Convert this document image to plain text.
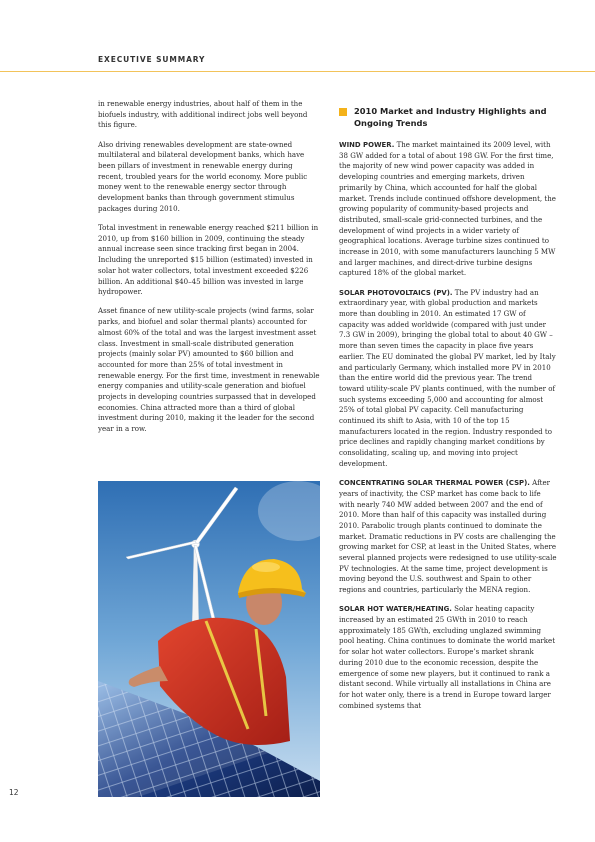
EXECUTIVE SUMMARY

in renewable energy industries, about half of them in the biofuels industry, with additional indirect jobs well beyond this figure.

Also driving renewables development are state-owned multilateral and bilateral development banks, which have been pillars of investment in renewable energy during recent, troubled years for the world economy. More public money went to the renewable energy sector through development banks than through government stimulus packages during 2010.

Total investment in renewable energy reached $211 billion in 2010, up from $160 billion in 2009, continuing the steady annual increase seen since tracking first began in 2004. Including the unreported $15 billion (estimated) invested in solar hot water collectors, total investment exceeded $226 billion. An additional $40–45 billion was invested in large hydropower.

Asset finance of new utility-scale projects (wind farms, solar parks, and biofuel and solar thermal plants) accounted for almost 60% of the total and was the largest investment asset class. Investment in small-scale distributed generation projects (mainly solar PV) amounted to $60 billion and accounted for more than 25% of total investment in renewable energy. For the first time, investment in renewable energy companies and utility-scale generation and biofuel projects in developing countries surpassed that in developed economies. China attracted more than a third of global investment during 2010, making it the leader for the second year in a row.

2010 Market and Industry Highlights and Ongoing Trends

WIND POWER. The market maintained its 2009 level, with 38 GW added for a total of about 198 GW. For the first time, the majority of new wind power capacity was added in developing countries and emerging markets, driven primarily by China, which accounted for half the global market. Trends include continued offshore development, the growing popularity of community-based projects and distributed, small-scale grid-connected turbines, and the development of wind projects in a wider variety of geographical locations. Average turbine sizes continued to increase in 2010, with some manufacturers launching 5 MW and larger machines, and direct-drive turbine designs captured 18% of the global market.

SOLAR PHOTOVOLTAICS (PV). The PV industry had an extraordinary year, with global production and markets more than doubling in 2010. An estimated 17 GW of capacity was added worldwide (compared with just under 7.3 GW in 2009), bringing the global total to about 40 GW – more than seven times the capacity in place five years earlier. The EU dominated the global PV market, led by Italy and particularly Germany, which installed more PV in 2010 than the entire world did the previous year. The trend toward utility-scale PV plants continued, with the number of such systems exceeding 5,000 and accounting for almost 25% of total global PV capacity. Cell manufacturing continued its shift to Asia, with 10 of the top 15 manufacturers located in the region. Industry responded to price declines and rapidly changing market conditions by consolidating, scaling up, and moving into project development.

CONCENTRATING SOLAR THERMAL POWER (CSP). After years of inactivity, the CSP market has come back to life with nearly 740 MW added between 2007 and the end of 2010. More than half of this capacity was installed during 2010. Parabolic trough plants continued to dominate the market. Dramatic reductions in PV costs are challenging the growing market for CSP, at least in the United States, where several planned projects were redesigned to use utility-scale PV technologies. At the same time, project development is moving beyond the U.S. southwest and Spain to other regions and countries, particularly the MENA region.

SOLAR HOT WATER/HEATING. Solar heating capacity increased by an estimated 25 GWth in 2010 to reach approximately 185 GWth, excluding unglazed swimming pool heating. China continues to dominate the world market for solar hot water collectors. Europe’s market shrank during 2010 due to the economic recession, despite the emergence of some new players, but it continued to rank a distant second. While virtually all installations in China are for hot water only, there is a trend in Europe toward larger combined systems that

12
